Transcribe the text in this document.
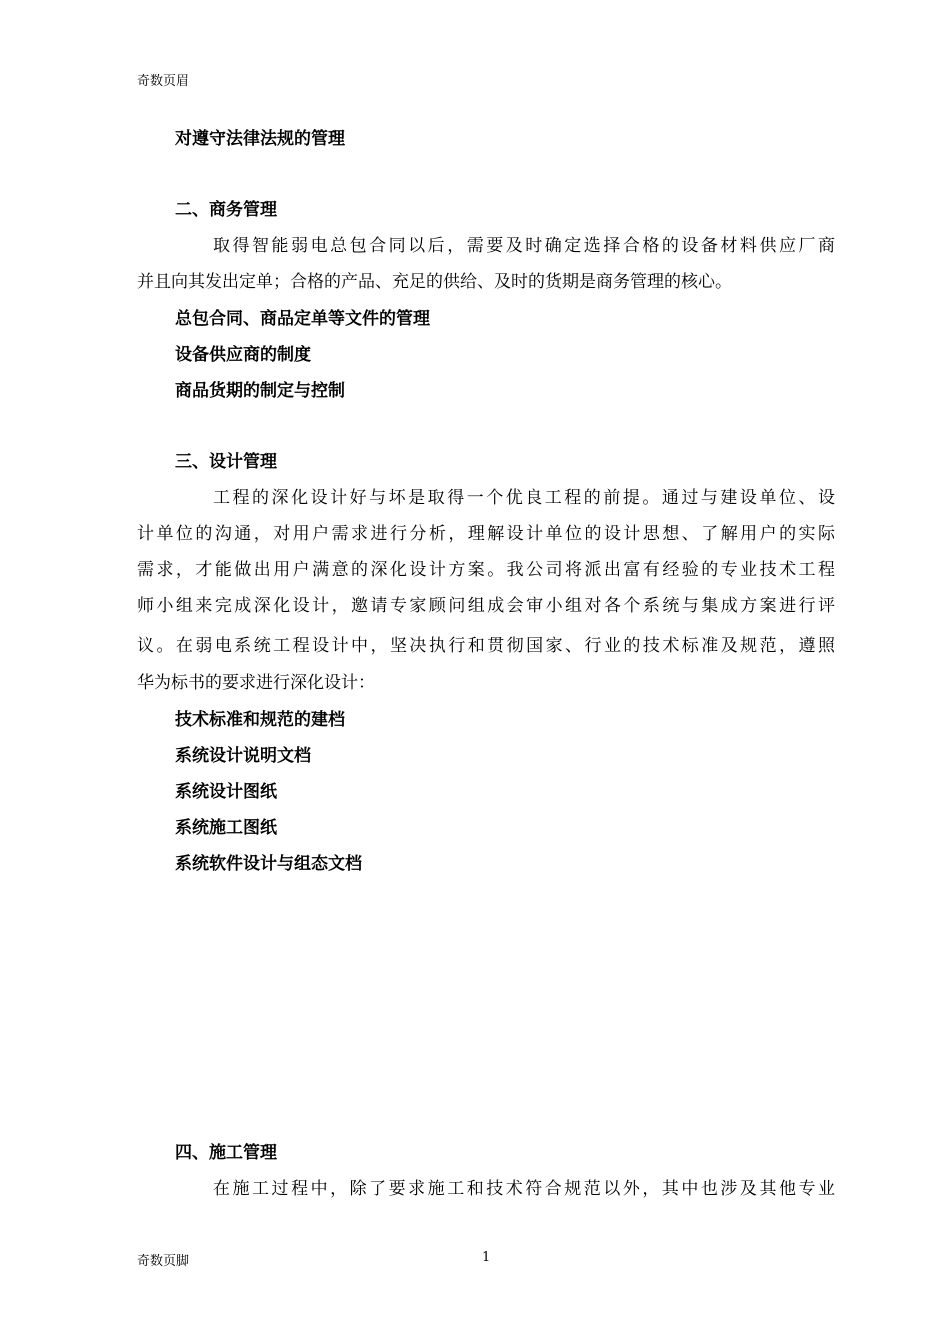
奇数页眉
对遵守法律法规的管理
二、商务管理
取得智能弱电总包合同以后，需要及时确定选择合格的设备材料供应厂商
并且向其发出定单；合格的产品、充足的供给、及时的货期是商务管理的核心。
总包合同、商品定单等文件的管理
设备供应商的制度
商品货期的制定与控制
三、设计管理
工程的深化设计好与坏是取得一个优良工程的前提。通过与建设单位、设
计单位的沟通，对用户需求进行分析，理解设计单位的设计思想、了解用户的实际
需求，才能做出用户满意的深化设计方案。我公司将派出富有经验的专业技术工程
师小组来完成深化设计，邀请专家顾问组成会审小组对各个系统与集成方案进行评
议。在弱电系统工程设计中，坚决执行和贯彻国家、行业的技术标准及规范，遵照
华为标书的要求进行深化设计：
技术标准和规范的建档
系统设计说明文档
系统设计图纸
系统施工图纸
系统软件设计与组态文档
四、施工管理
在施工过程中，除了要求施工和技术符合规范以外，其中也涉及其他专业
奇数页脚	1
